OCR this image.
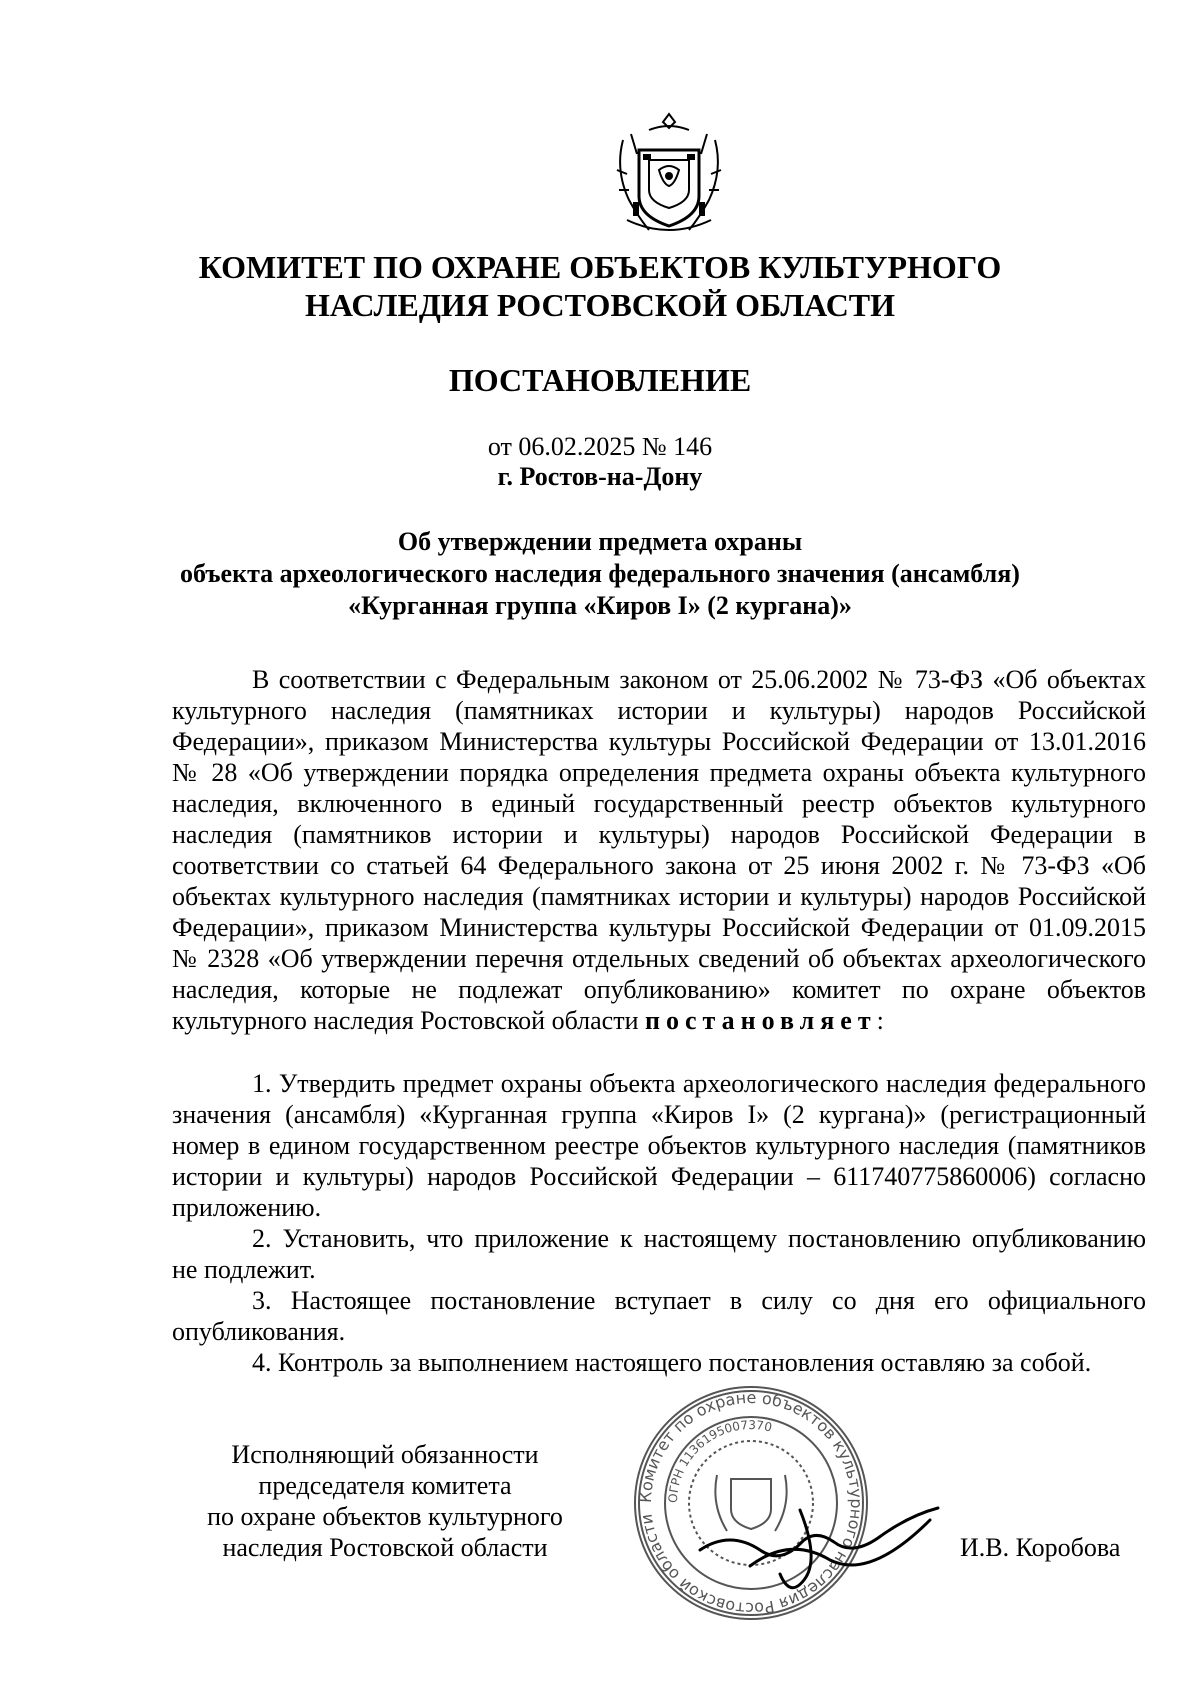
КОМИТЕТ ПО ОХРАНЕ ОБЪЕКТОВ КУЛЬТУРНОГО
НАСЛЕДИЯ РОСТОВСКОЙ ОБЛАСТИ
ПОСТАНОВЛЕНИЕ
от 06.02.2025 № 146
г. Ростов-на-Дону
Об утверждении предмета охраны
объекта археологического наследия федерального значения (ансамбля)
«Курганная группа «Киров I» (2 кургана)»

В соответствии с Федеральным законом от 25.06.2002 № 73-ФЗ «Об объектах культурного наследия (памятниках истории и культуры) народов Российской Федерации», приказом Министерства культуры Российской Федерации от 13.01.2016 № 28 «Об утверждении порядка определения предмета охраны объекта культурного наследия, включенного в единый государственный реестр объектов культурного наследия (памятников истории и культуры) народов Российской Федерации в соответствии со статьей 64 Федерального закона от 25 июня 2002 г. № 73-ФЗ «Об объектах культурного наследия (памятниках истории и культуры) народов Российской Федерации», приказом Министерства культуры Российской Федерации от 01.09.2015 № 2328 «Об утверждении перечня отдельных сведений об объектах археологического наследия, которые не подлежат опубликованию» комитет по охране объектов культурного наследия Ростовской области постановляет:

1. Утвердить предмет охраны объекта археологического наследия федерального значения (ансамбля) «Курганная группа «Киров I» (2 кургана)» (регистрационный номер в едином государственном реестре объектов культурного наследия (памятников истории и культуры) народов Российской Федерации – 611740775860006) согласно приложению.

2. Установить, что приложение к настоящему постановлению опубликованию не подлежит.

3. Настоящее постановление вступает в силу со дня его официального опубликования.

4. Контроль за выполнением настоящего постановления оставляю за собой.

Исполняющий обязанности
председателя комитета
по охране объектов культурного
наследия Ростовской области
Комитет по охране объектов культурного наследия Ростовской области
ОГРН 1136195007370
И.В. Коробова
